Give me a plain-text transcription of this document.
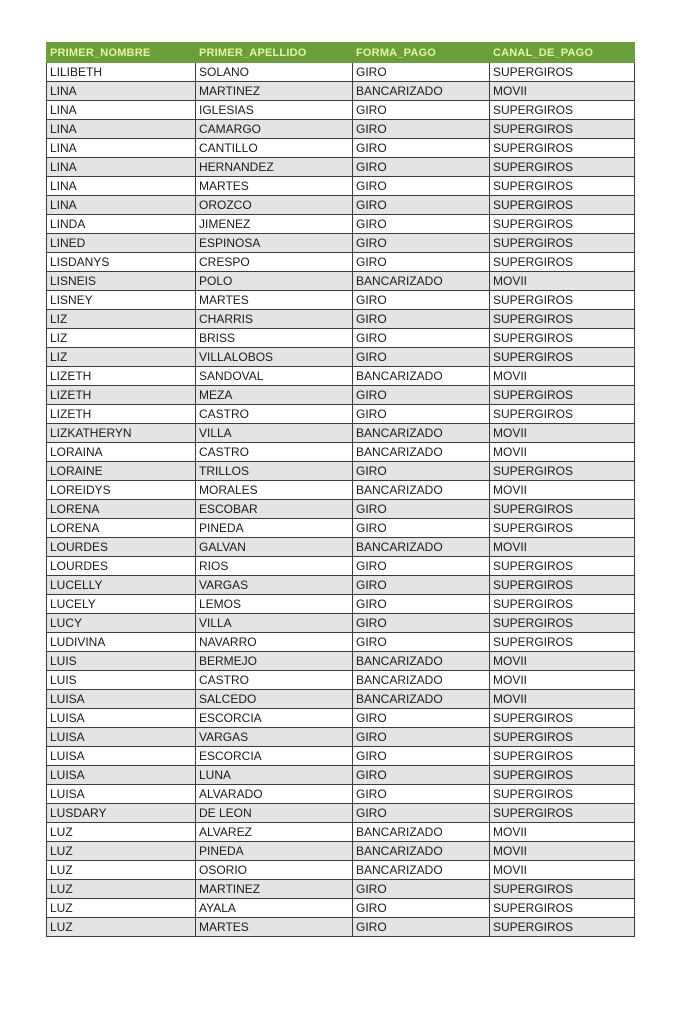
PRIMER_NOMBRE	PRIMER_APELLIDO	FORMA_PAGO	CANAL_DE_PAGO
LILIBETH	SOLANO	GIRO	SUPERGIROS
LINA	MARTINEZ	BANCARIZADO	MOVII
LINA	IGLESIAS	GIRO	SUPERGIROS
LINA	CAMARGO	GIRO	SUPERGIROS
LINA	CANTILLO	GIRO	SUPERGIROS
LINA	HERNANDEZ	GIRO	SUPERGIROS
LINA	MARTES	GIRO	SUPERGIROS
LINA	OROZCO	GIRO	SUPERGIROS
LINDA	JIMENEZ	GIRO	SUPERGIROS
LINED	ESPINOSA	GIRO	SUPERGIROS
LISDANYS	CRESPO	GIRO	SUPERGIROS
LISNEIS	POLO	BANCARIZADO	MOVII
LISNEY	MARTES	GIRO	SUPERGIROS
LIZ	CHARRIS	GIRO	SUPERGIROS
LIZ	BRISS	GIRO	SUPERGIROS
LIZ	VILLALOBOS	GIRO	SUPERGIROS
LIZETH	SANDOVAL	BANCARIZADO	MOVII
LIZETH	MEZA	GIRO	SUPERGIROS
LIZETH	CASTRO	GIRO	SUPERGIROS
LIZKATHERYN	VILLA	BANCARIZADO	MOVII
LORAINA	CASTRO	BANCARIZADO	MOVII
LORAINE	TRILLOS	GIRO	SUPERGIROS
LOREIDYS	MORALES	BANCARIZADO	MOVII
LORENA	ESCOBAR	GIRO	SUPERGIROS
LORENA	PINEDA	GIRO	SUPERGIROS
LOURDES	GALVAN	BANCARIZADO	MOVII
LOURDES	RIOS	GIRO	SUPERGIROS
LUCELLY	VARGAS	GIRO	SUPERGIROS
LUCELY	LEMOS	GIRO	SUPERGIROS
LUCY	VILLA	GIRO	SUPERGIROS
LUDIVINA	NAVARRO	GIRO	SUPERGIROS
LUIS	BERMEJO	BANCARIZADO	MOVII
LUIS	CASTRO	BANCARIZADO	MOVII
LUISA	SALCEDO	BANCARIZADO	MOVII
LUISA	ESCORCIA	GIRO	SUPERGIROS
LUISA	VARGAS	GIRO	SUPERGIROS
LUISA	ESCORCIA	GIRO	SUPERGIROS
LUISA	LUNA	GIRO	SUPERGIROS
LUISA	ALVARADO	GIRO	SUPERGIROS
LUSDARY	DE LEON	GIRO	SUPERGIROS
LUZ	ALVAREZ	BANCARIZADO	MOVII
LUZ	PINEDA	BANCARIZADO	MOVII
LUZ	OSORIO	BANCARIZADO	MOVII
LUZ	MARTINEZ	GIRO	SUPERGIROS
LUZ	AYALA	GIRO	SUPERGIROS
LUZ	MARTES	GIRO	SUPERGIROS
